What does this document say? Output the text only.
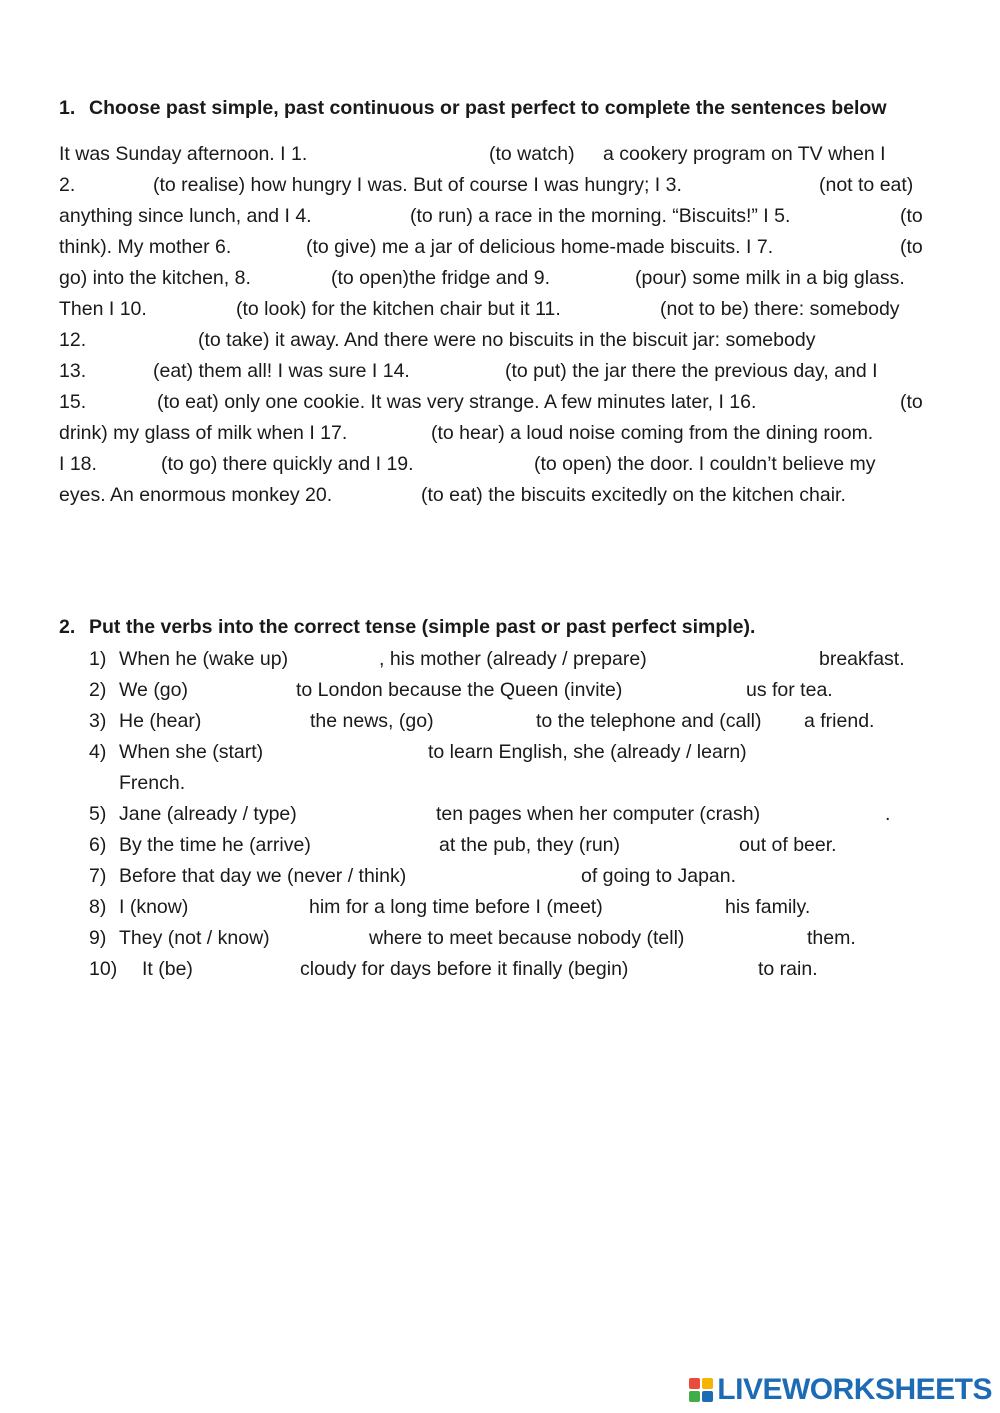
1. Choose past simple, past continuous or past perfect to complete the sentences below
It was Sunday afternoon. I 1.	(to watch) a cookery program on TV when I
2.	(to realise) how hungry I was. But of course I was hungry; I 3.	(not to eat)
anything since lunch, and I 4.	(to run) a race in the morning. “Biscuits!” I 5.	(to
think). My mother 6.	(to give) me a jar of delicious home-made biscuits. I 7.	(to
go) into the kitchen, 8.	(to open)the fridge and 9.	(pour) some milk in a big glass.
Then I 10.	(to look) for the kitchen chair but it 11.	(not to be) there: somebody
12.	(to take) it away. And there were no biscuits in the biscuit jar: somebody
13.	(eat) them all! I was sure I 14.	(to put) the jar there the previous day, and I
15.	(to eat) only one cookie. It was very strange. A few minutes later, I 16.	(to
drink) my glass of milk when I 17.	(to hear) a loud noise coming from the dining room.
I 18.	(to go) there quickly and I 19.	(to open) the door. I couldn’t believe my
eyes. An enormous monkey 20.	(to eat) the biscuits excitedly on the kitchen chair.
2. Put the verbs into the correct tense (simple past or past perfect simple).
1) When he (wake up)	, his mother (already / prepare)	breakfast.
2) We (go)	to London because the Queen (invite)	us for tea.
3) He (hear)	the news, (go)	to the telephone and (call) a friend.
4) When she (start)	to learn English, she (already / learn)
French.
5) Jane (already / type)	ten pages when her computer (crash)	.
6) By the time he (arrive)	at the pub, they (run)	out of beer.
7) Before that day we (never / think)	of going to Japan.
8) I (know)	him for a long time before I (meet)	his family.
9) They (not / know)	where to meet because nobody (tell)	them.
10) It (be)	cloudy for days before it finally (begin)	to rain.
LIVEWORKSHEETS
